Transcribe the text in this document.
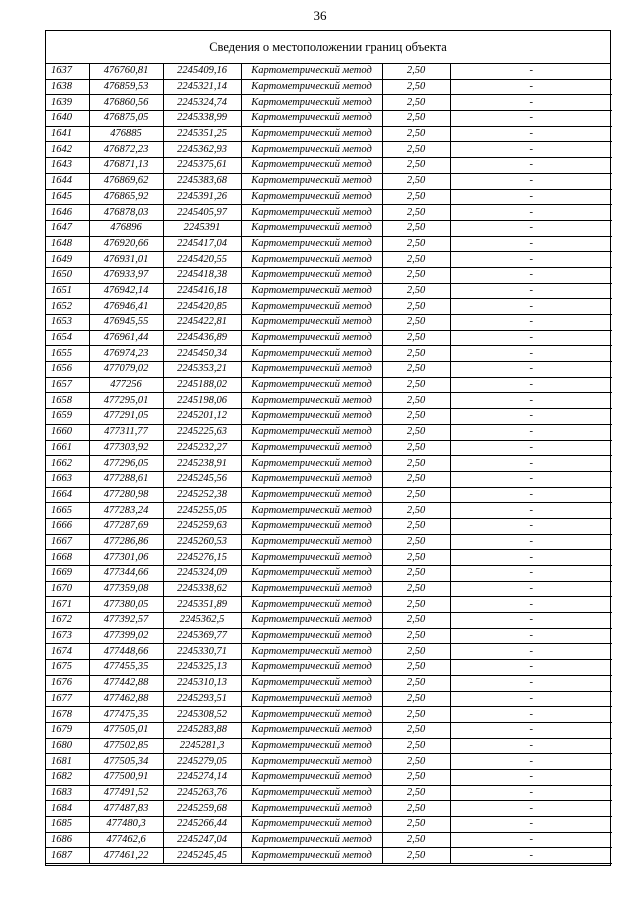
36
Сведения о местоположении границ объекта
1637	476760,81	2245409,16	Картометрический метод	2,50	-
1638	476859,53	2245321,14	Картометрический метод	2,50	-
1639	476860,56	2245324,74	Картометрический метод	2,50	-
1640	476875,05	2245338,99	Картометрический метод	2,50	-
1641	476885	2245351,25	Картометрический метод	2,50	-
1642	476872,23	2245362,93	Картометрический метод	2,50	-
1643	476871,13	2245375,61	Картометрический метод	2,50	-
1644	476869,62	2245383,68	Картометрический метод	2,50	-
1645	476865,92	2245391,26	Картометрический метод	2,50	-
1646	476878,03	2245405,97	Картометрический метод	2,50	-
1647	476896	2245391	Картометрический метод	2,50	-
1648	476920,66	2245417,04	Картометрический метод	2,50	-
1649	476931,01	2245420,55	Картометрический метод	2,50	-
1650	476933,97	2245418,38	Картометрический метод	2,50	-
1651	476942,14	2245416,18	Картометрический метод	2,50	-
1652	476946,41	2245420,85	Картометрический метод	2,50	-
1653	476945,55	2245422,81	Картометрический метод	2,50	-
1654	476961,44	2245436,89	Картометрический метод	2,50	-
1655	476974,23	2245450,34	Картометрический метод	2,50	-
1656	477079,02	2245353,21	Картометрический метод	2,50	-
1657	477256	2245188,02	Картометрический метод	2,50	-
1658	477295,01	2245198,06	Картометрический метод	2,50	-
1659	477291,05	2245201,12	Картометрический метод	2,50	-
1660	477311,77	2245225,63	Картометрический метод	2,50	-
1661	477303,92	2245232,27	Картометрический метод	2,50	-
1662	477296,05	2245238,91	Картометрический метод	2,50	-
1663	477288,61	2245245,56	Картометрический метод	2,50	-
1664	477280,98	2245252,38	Картометрический метод	2,50	-
1665	477283,24	2245255,05	Картометрический метод	2,50	-
1666	477287,69	2245259,63	Картометрический метод	2,50	-
1667	477286,86	2245260,53	Картометрический метод	2,50	-
1668	477301,06	2245276,15	Картометрический метод	2,50	-
1669	477344,66	2245324,09	Картометрический метод	2,50	-
1670	477359,08	2245338,62	Картометрический метод	2,50	-
1671	477380,05	2245351,89	Картометрический метод	2,50	-
1672	477392,57	2245362,5	Картометрический метод	2,50	-
1673	477399,02	2245369,77	Картометрический метод	2,50	-
1674	477448,66	2245330,71	Картометрический метод	2,50	-
1675	477455,35	2245325,13	Картометрический метод	2,50	-
1676	477442,88	2245310,13	Картометрический метод	2,50	-
1677	477462,88	2245293,51	Картометрический метод	2,50	-
1678	477475,35	2245308,52	Картометрический метод	2,50	-
1679	477505,01	2245283,88	Картометрический метод	2,50	-
1680	477502,85	2245281,3	Картометрический метод	2,50	-
1681	477505,34	2245279,05	Картометрический метод	2,50	-
1682	477500,91	2245274,14	Картометрический метод	2,50	-
1683	477491,52	2245263,76	Картометрический метод	2,50	-
1684	477487,83	2245259,68	Картометрический метод	2,50	-
1685	477480,3	2245266,44	Картометрический метод	2,50	-
1686	477462,6	2245247,04	Картометрический метод	2,50	-
1687	477461,22	2245245,45	Картометрический метод	2,50	-
